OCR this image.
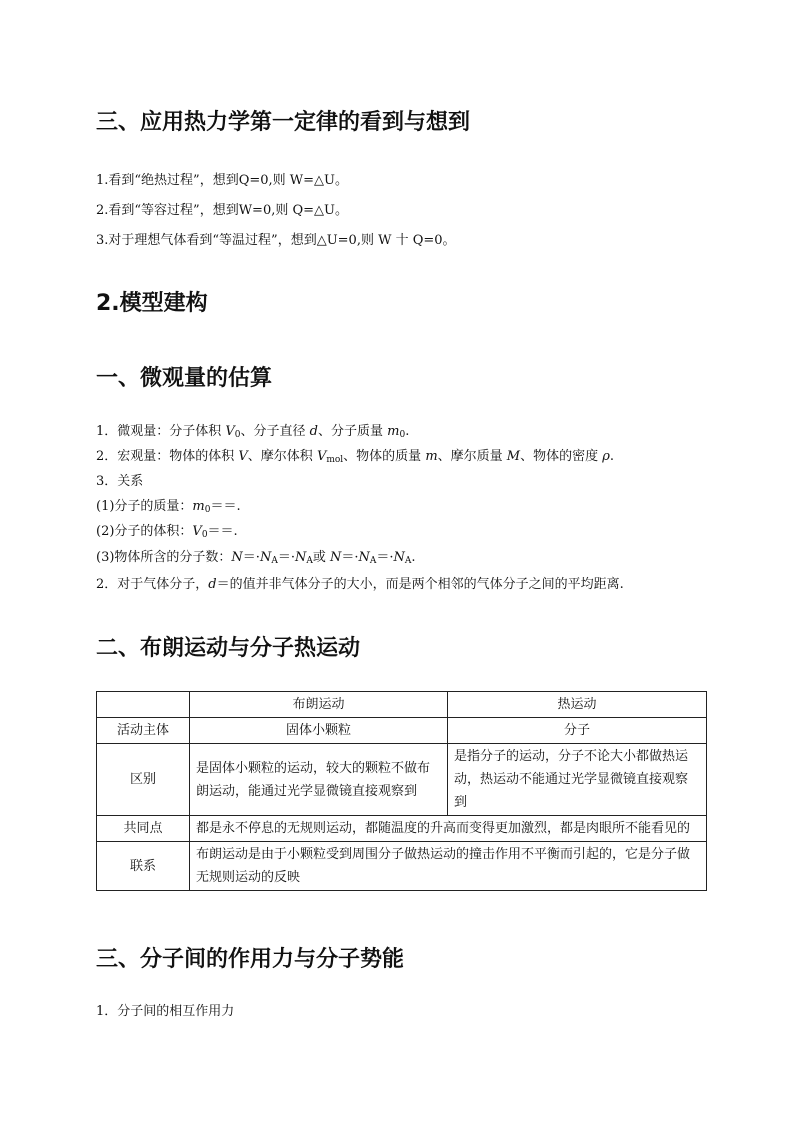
三、应用热力学第一定律的看到与想到

1.看到“绝热过程”，想到Q=0,则 W=△U。

2.看到“等容过程”，想到W=0,则 Q=△U。

3.对于理想气体看到“等温过程”，想到△U=0,则 W 十 Q=0。

2.模型建构
一、微观量的估算

1．微观量：分子体积 $V_0$、分子直径 d、分子质量 $m_0$.

2．宏观量：物体的体积 V、摩尔体积 $V_{mol}$、物体的质量 m、摩尔质量 M、物体的密度 ρ.

3．关系

(1)分子的质量：$m_0==$.

(2)分子的体积：$V_0==$.

(3)物体所含的分子数：$N=\cdot N_A=\cdot N_A$或 $N=\cdot N_A=\cdot N_A$.

2．对于气体分子，d＝的值并非气体分子的大小，而是两个相邻的气体分子之间的平均距离.

二、布朗运动与分子热运动
	布朗运动	热运动
活动主体	固体小颗粒	分子
区别	是固体小颗粒的运动，较大的颗粒不做布朗运动，能通过光学显微镜直接观察到	是指分子的运动，分子不论大小都做热运动，热运动不能通过光学显微镜直接观察到
共同点	都是永不停息的无规则运动，都随温度的升高而变得更加激烈，都是肉眼所不能看见的	
联系	布朗运动是由于小颗粒受到周围分子做热运动的撞击作用不平衡而引起的，它是分子做无规则运动的反映	
三、分子间的作用力与分子势能

1．分子间的相互作用力
